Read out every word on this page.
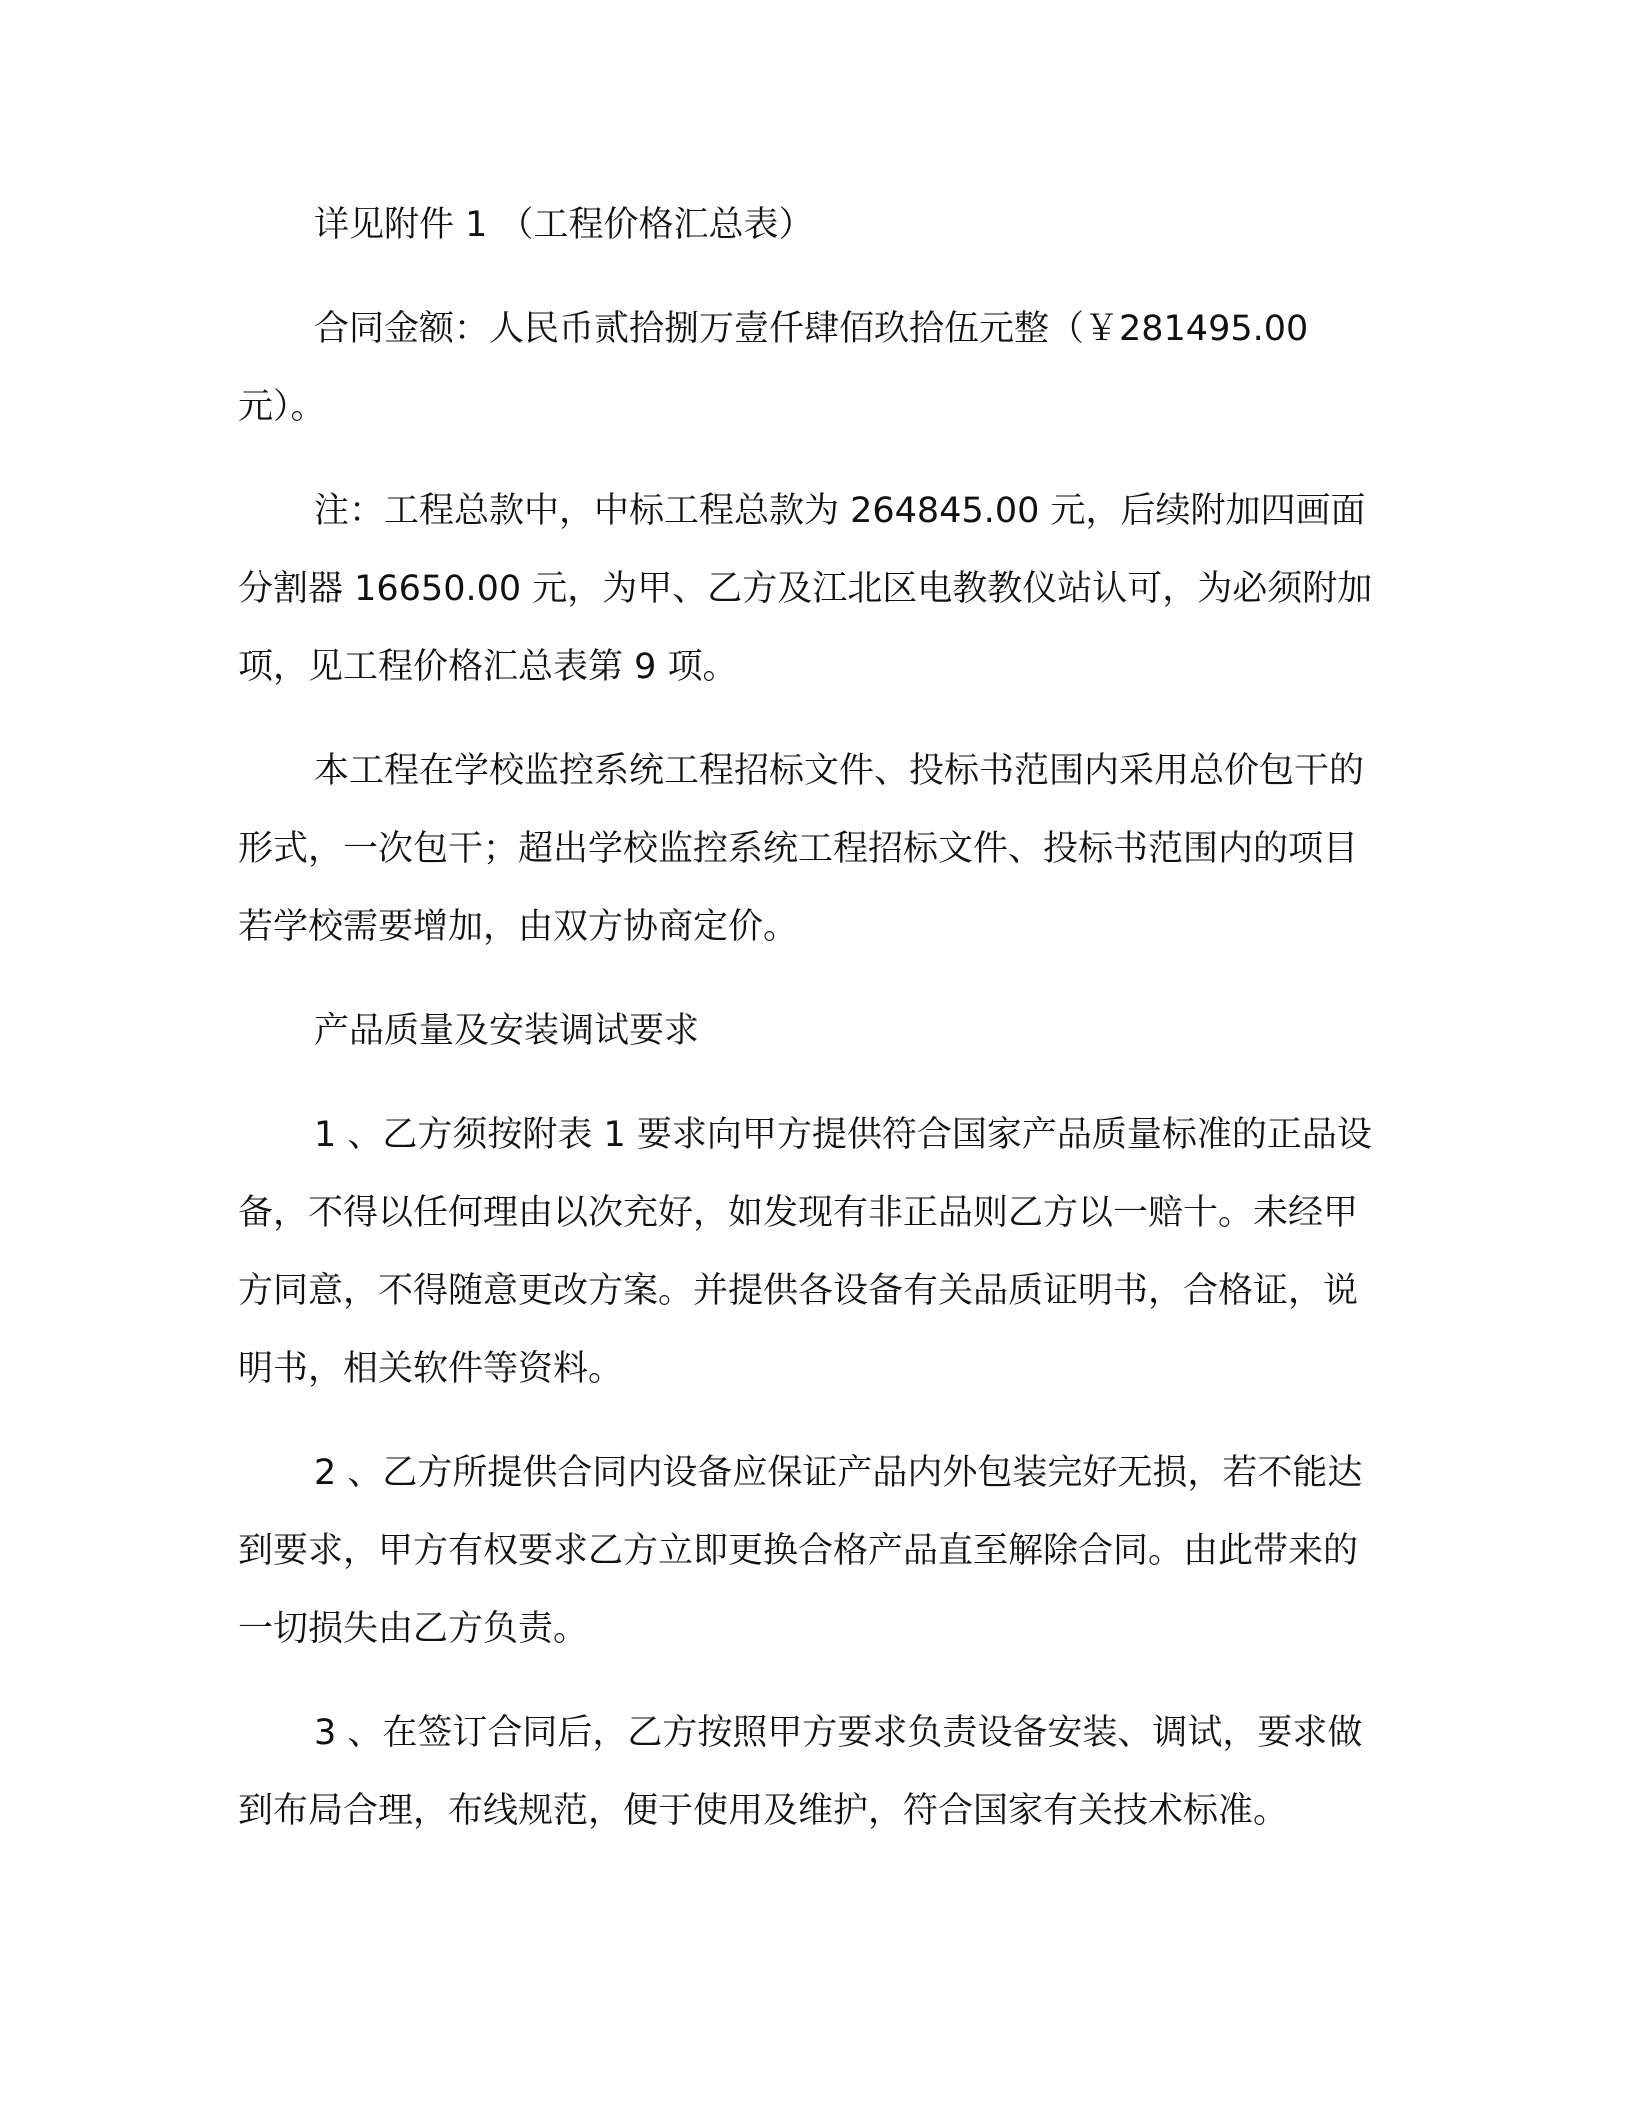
详见附件 1 （工程价格汇总表）

合同金额：人民币贰拾捌万壹仟肆佰玖拾伍元整（￥281495.00 元）。

注：工程总款中，中标工程总款为 264845.00 元，后续附加四画面分割器 16650.00 元，为甲、乙方及江北区电教教仪站认可，为必须附加项，见工程价格汇总表第 9 项。

本工程在学校监控系统工程招标文件、投标书范围内采用总价包干的形式，一次包干；超出学校监控系统工程招标文件、投标书范围内的项目若学校需要增加，由双方协商定价。

产品质量及安装调试要求

1 、乙方须按附表 1 要求向甲方提供符合国家产品质量标准的正品设备，不得以任何理由以次充好，如发现有非正品则乙方以一赔十。未经甲方同意，不得随意更改方案。并提供各设备有关品质证明书，合格证，说明书，相关软件等资料。

2 、乙方所提供合同内设备应保证产品内外包装完好无损，若不能达到要求，甲方有权要求乙方立即更换合格产品直至解除合同。由此带来的一切损失由乙方负责。

3 、在签订合同后，乙方按照甲方要求负责设备安装、调试，要求做到布局合理，布线规范，便于使用及维护，符合国家有关技术标准。
